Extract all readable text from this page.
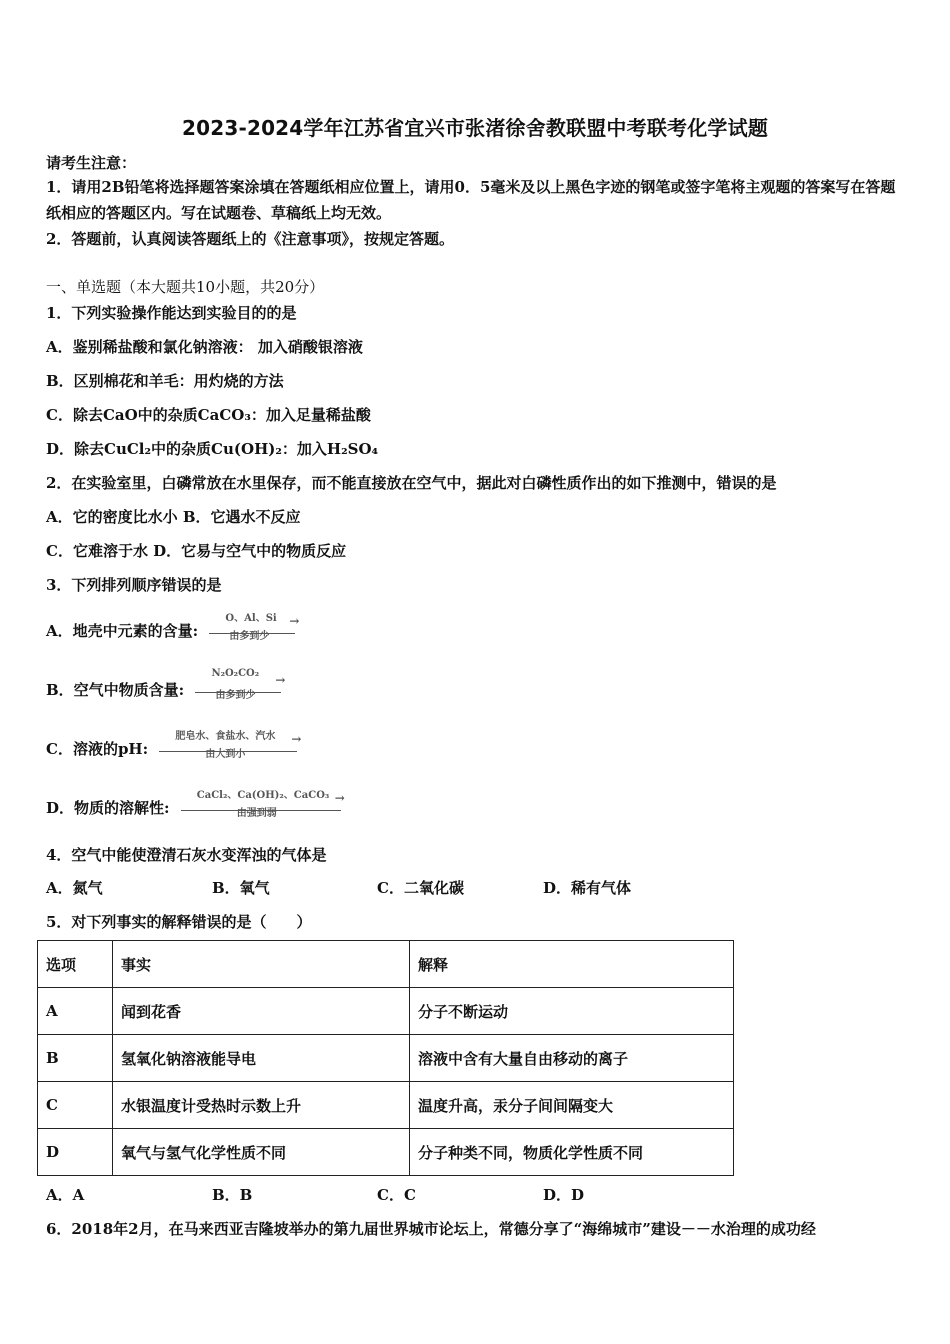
2023-2024学年江苏省宜兴市张渚徐舍教联盟中考联考化学试题
请考生注意：
1．请用2B铅笔将选择题答案涂填在答题纸相应位置上，请用0．5毫米及以上黑色字迹的钢笔或签字笔将主观题的答案写在答题纸相应的答题区内。写在试题卷、草稿纸上均无效。
2．答题前，认真阅读答题纸上的《注意事项》，按规定答题。
一、单选题（本大题共10小题，共20分）
1．下列实验操作能达到实验目的的是
A．鉴别稀盐酸和氯化钠溶液： 加入硝酸银溶液
B．区别棉花和羊毛：用灼烧的方法
C．除去CaO中的杂质CaCO₃：加入足量稀盐酸
D．除去CuCl₂中的杂质Cu(OH)₂：加入H₂SO₄
2．在实验室里，白磷常放在水里保存，而不能直接放在空气中，据此对白磷性质作出的如下推测中，错误的是
A．它的密度比水小 B．它遇水不反应
C．它难溶于水 D．它易与空气中的物质反应
3．下列排列顺序错误的是
A．地壳中元素的含量:
O、Al、Si →
由多到少
B．空气中物质含量:
N₂O₂CO₂ →
由多到少
C．溶液的pH:
肥皂水、食盐水、汽水 →
由大到小
D．物质的溶解性:
CaCl₂、Ca(OH)₂、CaCO₃ →
由强到弱
4．空气中能使澄清石灰水变浑浊的气体是
A．氮气	B．氧气	C．二氧化碳	D．稀有气体
5．对下列事实的解释错误的是（　　）
选项	事实	解释
A	闻到花香	分子不断运动
B	氢氧化钠溶液能导电	溶液中含有大量自由移动的离子
C	水银温度计受热时示数上升	温度升高，汞分子间间隔变大
D	氧气与氢气化学性质不同	分子种类不同，物质化学性质不同
A．A	B．B	C．C	D．D
6．2018年2月，在马来西亚吉隆坡举办的第九届世界城市论坛上，常德分享了“海绵城市”建设－－水治理的成功经
